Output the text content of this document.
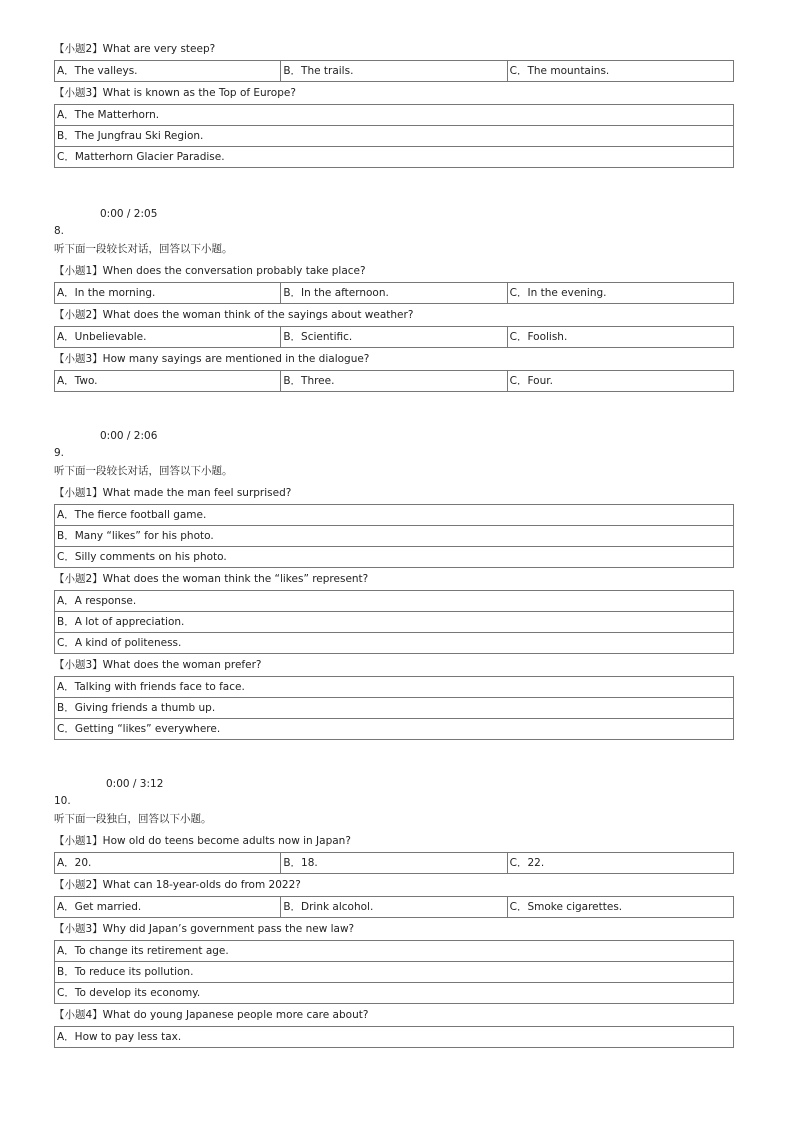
【小题2】What are very steep?
A．The valleys.	B．The trails.	C．The mountains.
【小题3】What is known as the Top of Europe?
A．The Matterhorn.
B．The Jungfrau Ski Region.
C．Matterhorn Glacier Paradise.
0:00 / 2:05
8.
听下面一段较长对话，回答以下小题。
【小题1】When does the conversation probably take place?
A．In the morning.	B．In the afternoon.	C．In the evening.
【小题2】What does the woman think of the sayings about weather?
A．Unbelievable.	B．Scientific.	C．Foolish.
【小题3】How many sayings are mentioned in the dialogue?
A．Two.	B．Three.	C．Four.
0:00 / 2:06
9.
听下面一段较长对话，回答以下小题。
【小题1】What made the man feel surprised?
A．The fierce football game.
B．Many “likes” for his photo.
C．Silly comments on his photo.
【小题2】What does the woman think the “likes” represent?
A．A response.
B．A lot of appreciation.
C．A kind of politeness.
【小题3】What does the woman prefer?
A．Talking with friends face to face.
B．Giving friends a thumb up.
C．Getting “likes” everywhere.
0:00 / 3:12
10.
听下面一段独白，回答以下小题。
【小题1】How old do teens become adults now in Japan?
A．20.	B．18.	C．22.
【小题2】What can 18-year-olds do from 2022?
A．Get married.	B．Drink alcohol.	C．Smoke cigarettes.
【小题3】Why did Japan’s government pass the new law?
A．To change its retirement age.
B．To reduce its pollution.
C．To develop its economy.
【小题4】What do young Japanese people more care about?
A．How to pay less tax.
